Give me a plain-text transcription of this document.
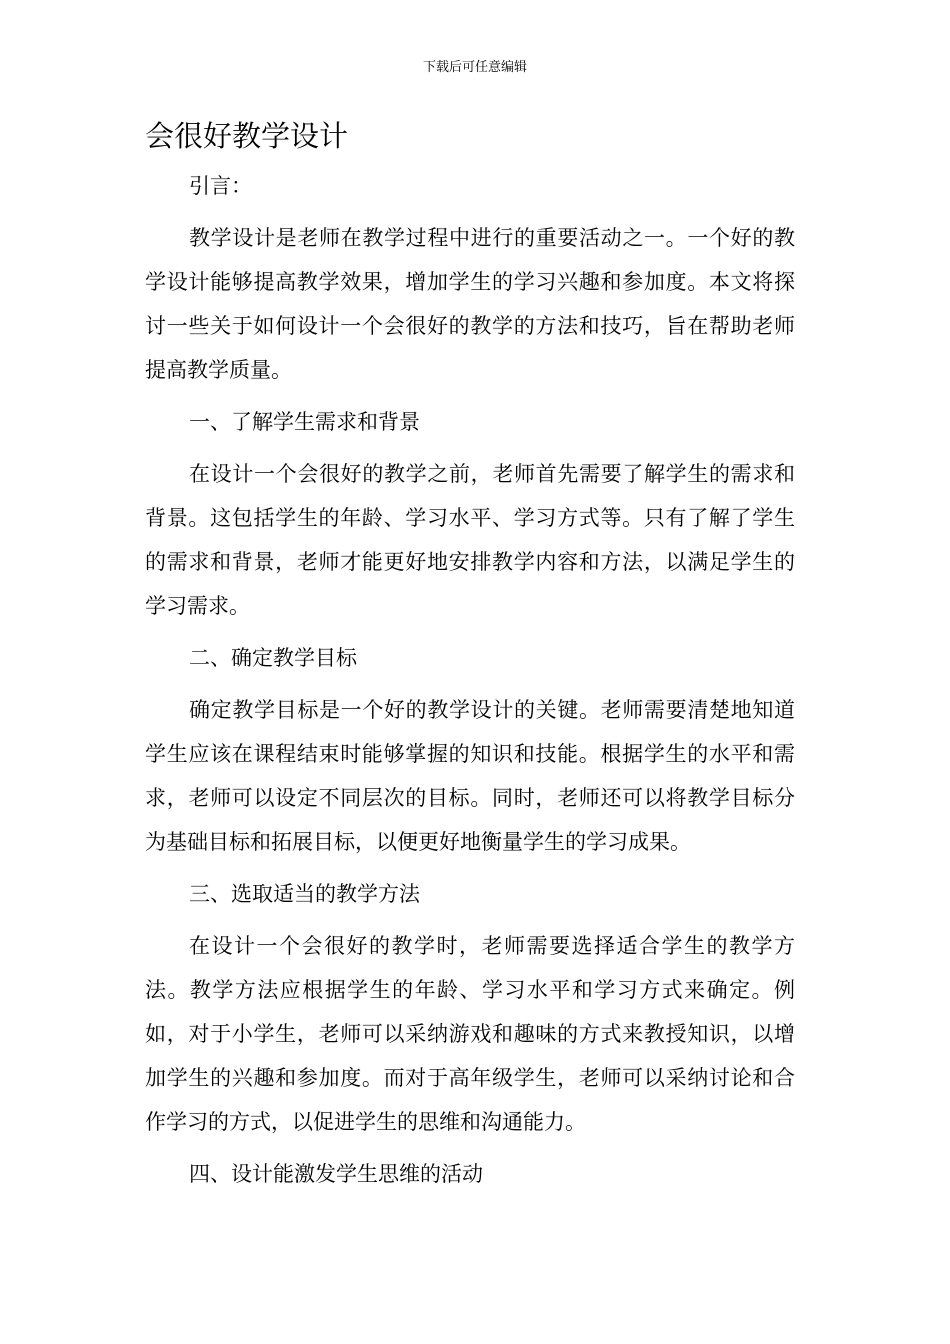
下载后可任意编辑
会很好教学设计

引言：

教学设计是老师在教学过程中进行的重要活动之一。一个好的教学设计能够提高教学效果，增加学生的学习兴趣和参加度。本文将探讨一些关于如何设计一个会很好的教学的方法和技巧，旨在帮助老师提高教学质量。

一、了解学生需求和背景

在设计一个会很好的教学之前，老师首先需要了解学生的需求和背景。这包括学生的年龄、学习水平、学习方式等。只有了解了学生的需求和背景，老师才能更好地安排教学内容和方法，以满足学生的学习需求。

二、确定教学目标

确定教学目标是一个好的教学设计的关键。老师需要清楚地知道学生应该在课程结束时能够掌握的知识和技能。根据学生的水平和需求，老师可以设定不同层次的目标。同时，老师还可以将教学目标分为基础目标和拓展目标，以便更好地衡量学生的学习成果。

三、选取适当的教学方法

在设计一个会很好的教学时，老师需要选择适合学生的教学方法。教学方法应根据学生的年龄、学习水平和学习方式来确定。例如，对于小学生，老师可以采纳游戏和趣味的方式来教授知识，以增加学生的兴趣和参加度。而对于高年级学生，老师可以采纳讨论和合作学习的方式，以促进学生的思维和沟通能力。

四、设计能激发学生思维的活动
